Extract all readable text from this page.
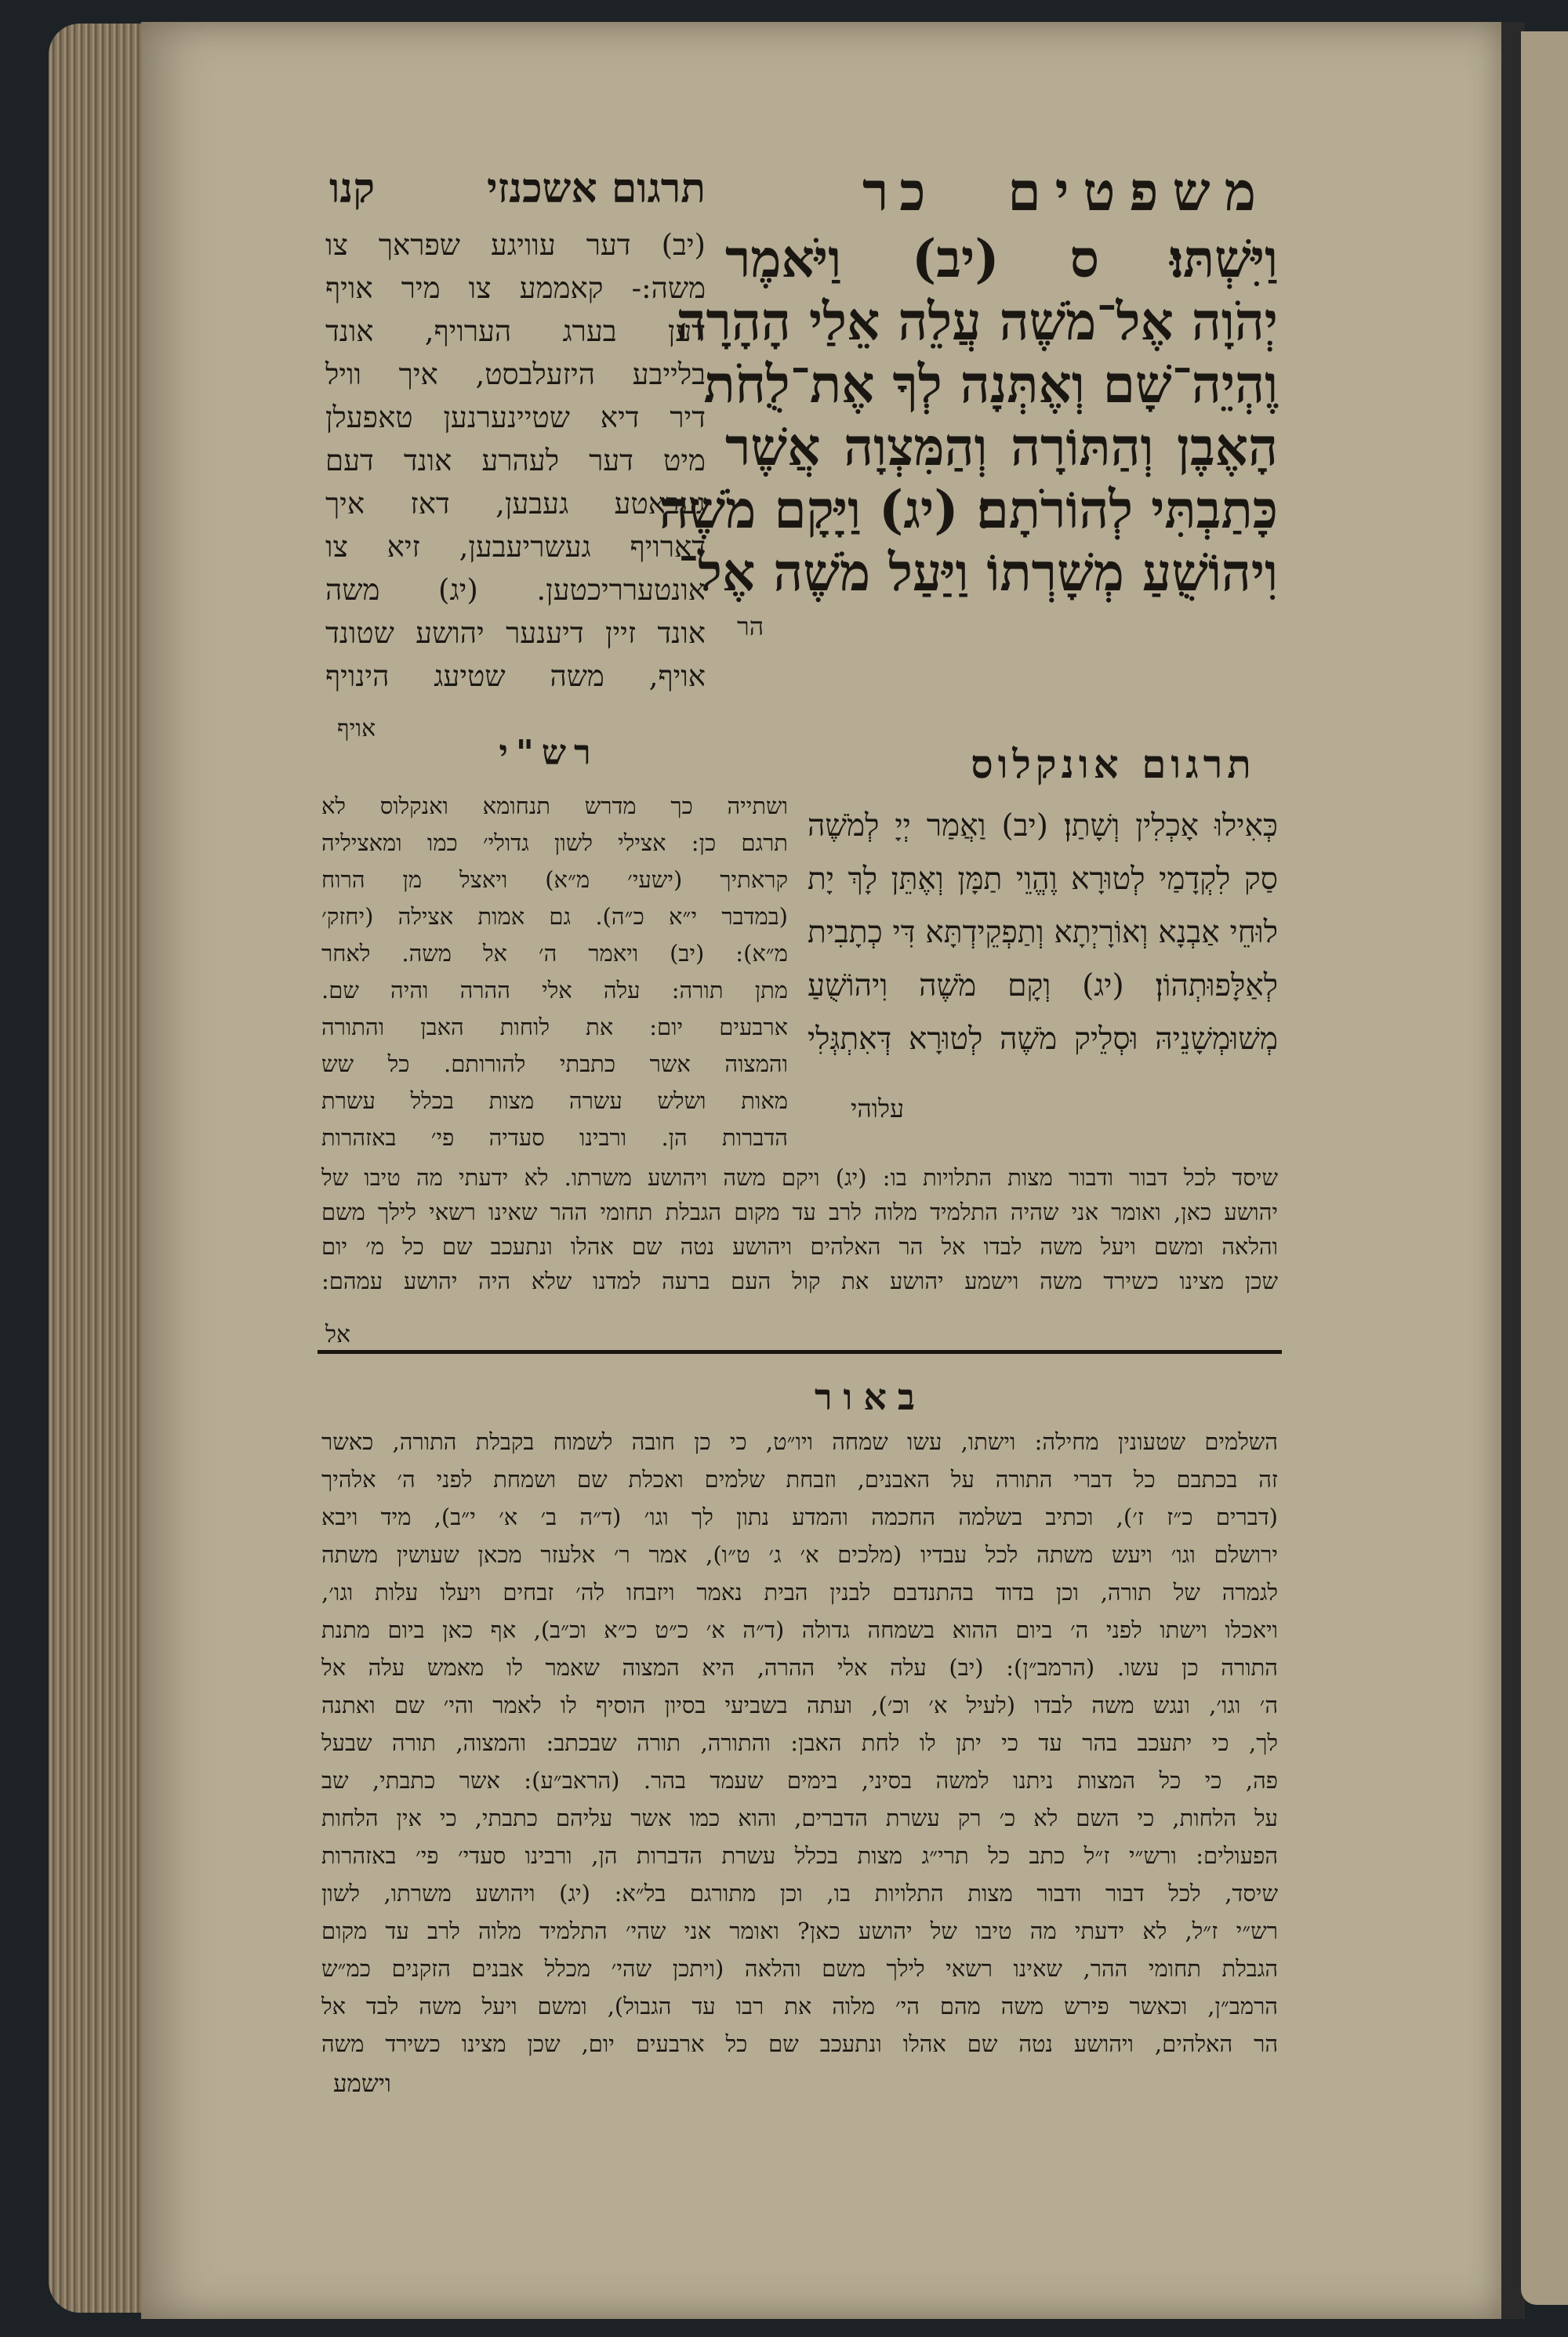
משפטים
כר
תרגום אשכנזי
קנו
וַיִּשְׁתּוּ׃ ס (יב) וַיֹּאמֶר
יְהֹוָה אֶל־מֹשֶׁה עֲלֵה אֵלַי הָהָרָה
וֶהְיֵה־שָׁם וְאֶתְּנָה לְךָ אֶת־לֻחֹת
הָאֶבֶן וְהַתּוֹרָה וְהַמִּצְוָה אֲשֶׁר
כָּתַבְתִּי לְהוֹרֹתָם׃ (יג) וַיָּקָם מֹשֶׁה
וִיהוֹשֻׁעַ מְשָׁרְתוֹ וַיַּעַל מֹשֶׁה אֶל־
הר
(יב) דער עוויגע שפראך צו
משה:- קאממע צו מיר אויף
דען בערג הערויף, אונד
בלייבע היזעלבסט, איך וויל
דיר דיא שטיינערנען טאפעלן
מיט דער לעהרע אונד דעם
געבאטע געבען, דאז איך
דארויף געשריעבען, זיא צו
אונטערריכטען. (יג) משה
אונד זיין דיענער יהושע שטונד
אויף, משה שטיעג הינויף
אויף
תרגום אונקלוס
כְּאִילוּ אָכְלִין וְשָׁתַן׃ (יב) וַאֲמַר יְיָ לְמֹשֶׁה
סַק לִקְדָמַי לְטוּרָא וֶהֱוֵי תַמָּן וְאֶתֵּן לָךְ יָת
לוּחֵי אַבְנָא וְאוֹרָיְתָא וְתַפְקֵידְתָּא דִּי כְתָבִית
לְאַלָּפוּתְהוֹן׃ (יג) וְקָם מֹשֶׁה וִיהוֹשֻׁעַ
מְשׁוּמְשָׁנֵיהּ וּסְלֵיק מֹשֶׁה לְטוּרָא דְּאִתְגְּלִי
עלוהי
רש"י
ושתייה כך מדרש תנחומא ואנקלוס לא
תרגם כן: אצילי לשון גדולי׳ כמו ומאציליה
קראתיך (ישעי׳ מ״א) ויאצל מן הרוח
(במדבר י״א כ״ה). גם אמות אצילה (יחזק׳
מ״א): (יב) ויאמר ה׳ אל משה. לאחר
מתן תורה: עלה אלי ההרה והיה שם.
ארבעים יום: את לוחות האבן והתורה
והמצוה אשר כתבתי להורותם. כל שש
מאות ושלש עשרה מצות בכלל עשרת
הדברות הן. ורבינו סעדיה פי׳ באזהרות
שיסד לכל דבור ודבור מצות התלויות בו: (יג) ויקם משה ויהושע משרתו. לא ידעתי מה טיבו של
יהושע כאן, ואומר אני שהיה התלמיד מלוה לרב עד מקום הגבלת תחומי ההר שאינו רשאי לילך משם
והלאה ומשם ויעל משה לבדו אל הר האלהים ויהושע נטה שם אהלו ונתעכב שם כל מ׳ יום
שכן מצינו כשירד משה וישמע יהושע את קול העם ברעה למדנו שלא היה יהושע עמהם:
אל
באור
השלמים שטעונין מחילה: וישתו, עשו שמחה ויו״ט, כי כן חובה לשמוח בקבלת התורה, כאשר
זה בכתבם כל דברי התורה על האבנים, וזבחת שלמים ואכלת שם ושמחת לפני ה׳ אלהיך
(דברים כ״ז ז׳), וכתיב בשלמה החכמה והמדע נתון לך וגו׳ (ד״ה ב׳ א׳ י״ב), מיד ויבא
ירושלם וגו׳ ויעש משתה לכל עבדיו (מלכים א׳ ג׳ ט״ו), אמר ר׳ אלעזר מכאן שעושין משתה
לגמרה של תורה, וכן בדוד בהתנדבם לבנין הבית נאמר ויזבחו לה׳ זבחים ויעלו עלות וגו׳,
ויאכלו וישתו לפני ה׳ ביום ההוא בשמחה גדולה (ד״ה א׳ כ״ט כ״א וכ״ב), אף כאן ביום מתנת
התורה כן עשו. (הרמב״ן): (יב) עלה אלי ההרה, היא המצוה שאמר לו מאמש עלה אל
ה׳ וגו׳, ונגש משה לבדו (לעיל א׳ וכ׳), ועתה בשביעי בסיון הוסיף לו לאמר והי׳ שם ואתנה
לך, כי יתעכב בהר עד כי יתן לו לחת האבן: והתורה, תורה שבכתב: והמצוה, תורה שבעל
פה, כי כל המצות ניתנו למשה בסיני, בימים שעמד בהר. (הראב״ע): אשר כתבתי, שב
על הלחות, כי השם לא כ׳ רק עשרת הדברים, והוא כמו אשר עליהם כתבתי, כי אין הלחות
הפעולים: ורש״י ז״ל כתב כל תרי״ג מצות בכלל עשרת הדברות הן, ורבינו סעדי׳ פי׳ באזהרות
שיסד, לכל דבור ודבור מצות התלויות בו, וכן מתורגם בל״א: (יג) ויהושע משרתו, לשון
רש״י ז״ל, לא ידעתי מה טיבו של יהושע כאן? ואומר אני שהי׳ התלמיד מלוה לרב עד מקום
הגבלת תחומי ההר, שאינו רשאי לילך משם והלאה (ויתכן שהי׳ מכלל אבנים הזקנים כמ״ש
הרמב״ן, וכאשר פירש משה מהם הי׳ מלוה את רבו עד הגבול), ומשם ויעל משה לבד אל
הר האלהים, ויהושע נטה שם אהלו ונתעכב שם כל ארבעים יום, שכן מצינו כשירד משה
וישמע
